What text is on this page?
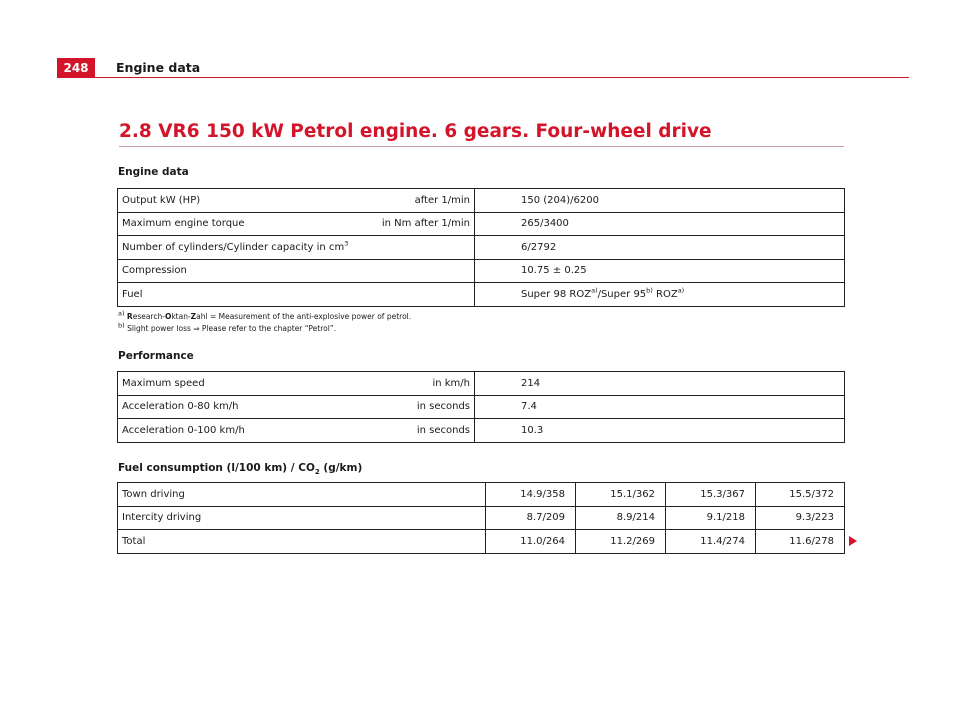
248	Engine data
2.8 VR6 150 kW Petrol engine. 6 gears. Four-wheel drive
Engine data
Output kW (HP) after 1/min	150 (204)/6200
Maximum engine torque in Nm after 1/min	265/3400
Number of cylinders/Cylinder capacity in $cm^3$	6/2792
Compression	10.75 ± 0.25
Fuel	Super 98 ROZ$^{a)}$/Super 95$^{b)}$ ROZ$^{a)}$
$^{a)}$ Research-Oktan-Zahl = Measurement of the anti-explosive power of petrol.
$^{b)}$ Slight power loss ⇒ Please refer to the chapter “Petrol”.
Performance
Maximum speed in km/h	214
Acceleration 0-80 km/h in seconds	7.4
Acceleration 0-100 km/h in seconds	10.3
Fuel consumption (l/100 $km) / CO_2$ (g/km)
Town driving	14.9/358	15.1/362	15.3/367	15.5/372
Intercity driving	8.7/209	8.9/214	9.1/218	9.3/223
Total	11.0/264	11.2/269	11.4/274	11.6/278
